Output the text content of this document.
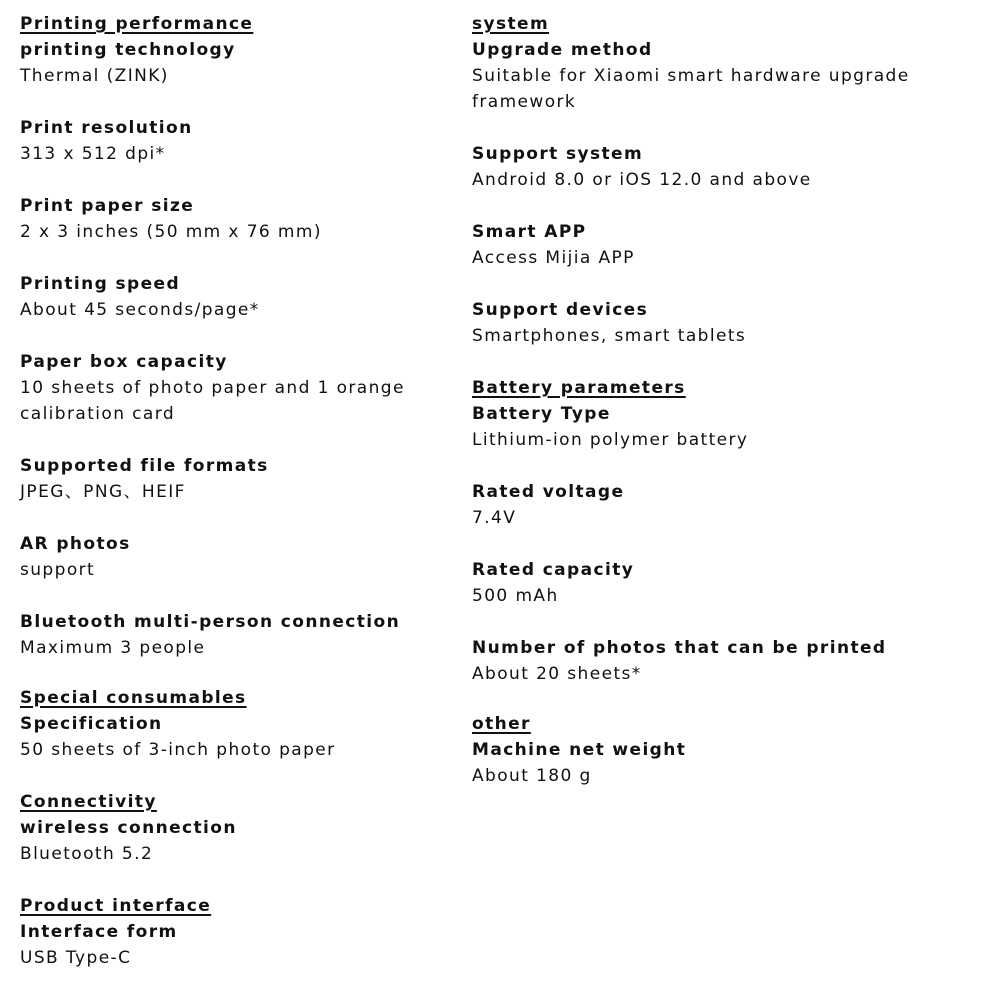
Printing performance
printing technology
Thermal (ZINK)
Print resolution
313 x 512 dpi*
Print paper size
2 x 3 inches (50 mm x 76 mm)
Printing speed
About 45 seconds/page*
Paper box capacity
10 sheets of photo paper and 1 orange calibration card
Supported file formats
JPEG、PNG、HEIF
AR photos
support
Bluetooth multi-person connection
Maximum 3 people
Special consumables
Specification
50 sheets of 3-inch photo paper
Connectivity
wireless connection
Bluetooth 5.2
Product interface
Interface form
USB Type-C
system
Upgrade method
Suitable for Xiaomi smart hardware upgrade framework
Support system
Android 8.0 or iOS 12.0 and above
Smart APP
Access Mijia APP
Support devices
Smartphones, smart tablets
Battery parameters
Battery Type
Lithium-ion polymer battery
Rated voltage
7.4V
Rated capacity
500 mAh
Number of photos that can be printed
About 20 sheets*
other
Machine net weight
About 180 g
